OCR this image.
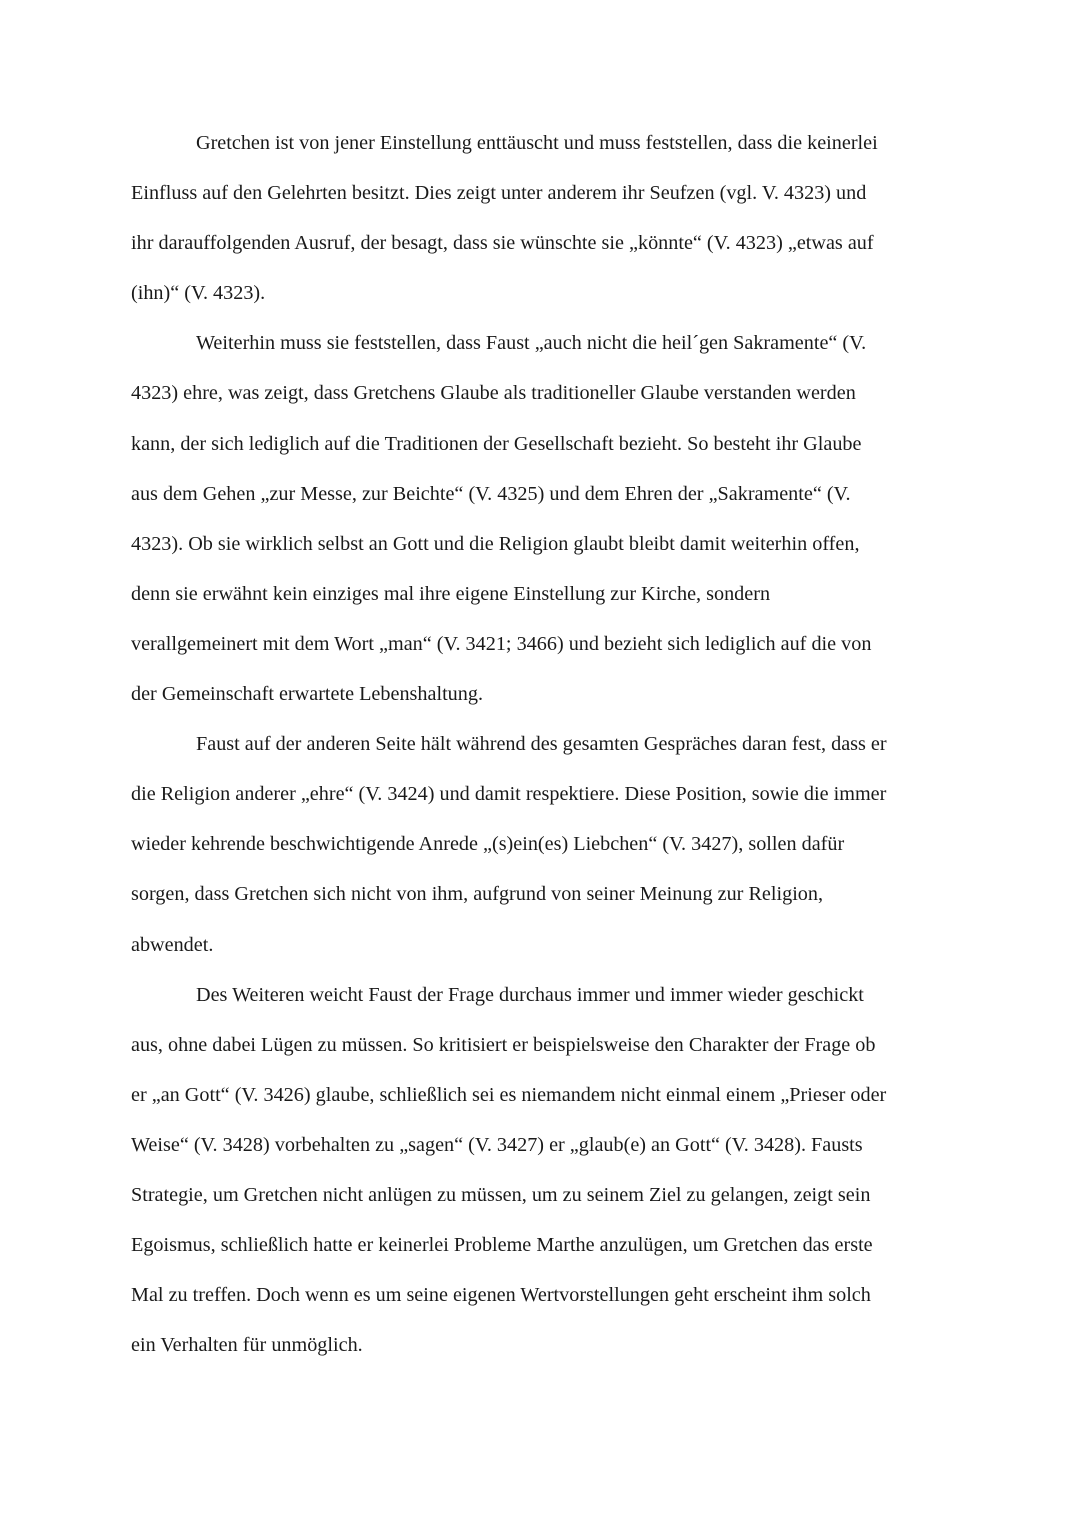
Gretchen ist von jener Einstellung enttäuscht und muss feststellen, dass die keinerlei
Einfluss auf den Gelehrten besitzt. Dies zeigt unter anderem ihr Seufzen (vgl. V. 4323) und
ihr darauffolgenden Ausruf, der besagt, dass sie wünschte sie „könnte“ (V. 4323) „etwas auf
(ihn)“ (V. 4323).
Weiterhin muss sie feststellen, dass Faust „auch nicht die heil´gen Sakramente“ (V.
4323) ehre, was zeigt, dass Gretchens Glaube als traditioneller Glaube verstanden werden
kann, der sich lediglich auf die Traditionen der Gesellschaft bezieht. So besteht ihr Glaube
aus dem Gehen „zur Messe, zur Beichte“ (V. 4325) und dem Ehren der „Sakramente“ (V.
4323). Ob sie wirklich selbst an Gott und die Religion glaubt bleibt damit weiterhin offen,
denn sie erwähnt kein einziges mal ihre eigene Einstellung zur Kirche, sondern
verallgemeinert mit dem Wort „man“ (V. 3421; 3466) und bezieht sich lediglich auf die von
der Gemeinschaft erwartete Lebenshaltung.
Faust auf der anderen Seite hält während des gesamten Gespräches daran fest, dass er
die Religion anderer „ehre“ (V. 3424) und damit respektiere. Diese Position, sowie die immer
wieder kehrende beschwichtigende Anrede „(s)ein(es) Liebchen“ (V. 3427), sollen dafür
sorgen, dass Gretchen sich nicht von ihm, aufgrund von seiner Meinung zur Religion,
abwendet.
Des Weiteren weicht Faust der Frage durchaus immer und immer wieder geschickt
aus, ohne dabei Lügen zu müssen. So kritisiert er beispielsweise den Charakter der Frage ob
er „an Gott“ (V. 3426) glaube, schließlich sei es niemandem nicht einmal einem „Prieser oder
Weise“ (V. 3428) vorbehalten zu „sagen“ (V. 3427) er „glaub(e) an Gott“ (V. 3428). Fausts
Strategie, um Gretchen nicht anlügen zu müssen, um zu seinem Ziel zu gelangen, zeigt sein
Egoismus, schließlich hatte er keinerlei Probleme Marthe anzulügen, um Gretchen das erste
Mal zu treffen. Doch wenn es um seine eigenen Wertvorstellungen geht erscheint ihm solch
ein Verhalten für unmöglich.
